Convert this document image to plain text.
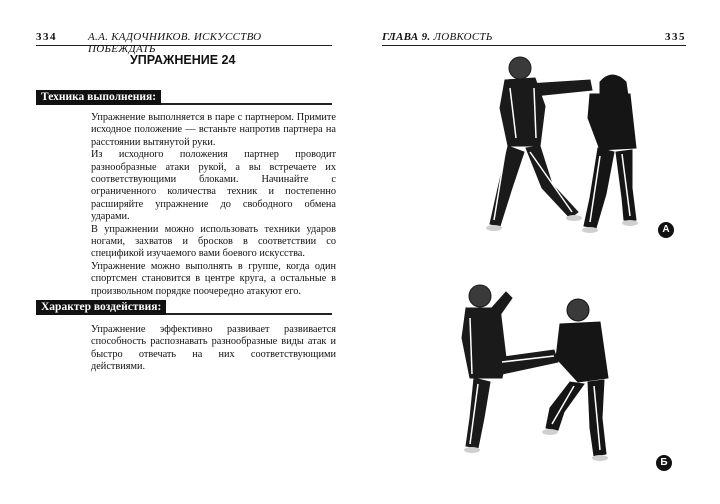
334	А.А. КАДОЧНИКОВ. ИСКУССТВО ПОБЕЖДАТЬ
УПРАЖНЕНИЕ 24
Техника выполнения:

Упражнение выполняется в паре с партнером. Примите исходное положение — встаньте напротив партнера на расстоянии вытянутой руки.

Из исходного положения партнер проводит разнообразные атаки рукой, а вы встречаете их соответствующими блоками. Начинайте с ограниченного количества техник и постепенно расширяйте упражнение до свободного обмена ударами.

В упражнении можно использовать техники ударов ногами, захватов и бросков в соответствии со спецификой изучаемого вами боевого искусства.

Упражнение можно выполнять в группе, когда один спортсмен становится в центре круга, а остальные в произвольном порядке поочередно атакуют его.

Характер воздействия:

Упражнение эффективно развивает развивается способность распознавать разнообразные виды атак и быстро отвечать на них соответствующими действиями.

ГЛАВА 9. ЛОВКОСТЬ	335
А
Б
